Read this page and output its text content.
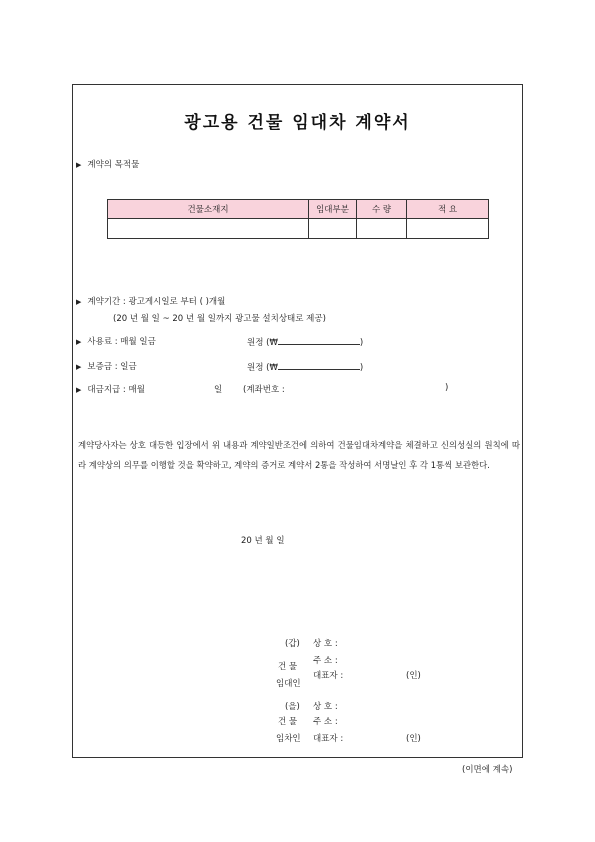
광고용 건물 임대차 계약서
▶ 계약의 목적물
건물소재지	임대부분	수 량	적 요

▶ 계약기간 : 광고게시일로 부터 ( )개월
(20 년 월 일 ~ 20 년 월 일까지 광고물 설치상태로 제공)
▶ 사용료 : 매월 일금	원정 (₩	)
▶ 보증금 : 일금	원정 (₩	)
▶ 대금지급 : 매월	일 (계좌번호 :	)
계약당사자는 상호 대등한 입장에서 위 내용과 계약일반조건에 의하여 건물임대차계약을 체결하고 신의성실의 원칙에 따라 계약상의 의무를 이행할 것을 확약하고, 계약의 증거로 계약서 2통을 작성하여 서명날인 후 각 1통씩 보관한다.
20 년 월 일
(갑) 상 호 :
건 물
주 소 :
임대인
대표자 :	(인)
(을) 상 호 :
건 물 주 소 :
임차인 대표자 :	(인)
(이면에 계속)
